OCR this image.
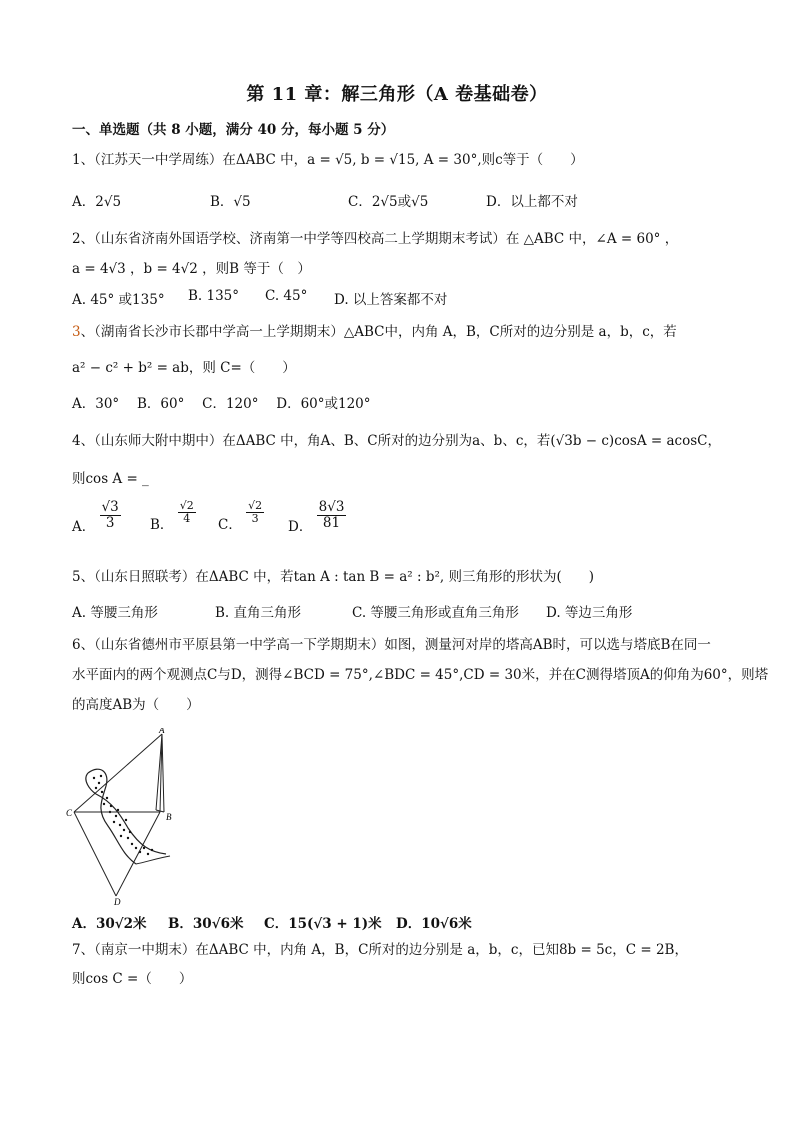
第 11 章：解三角形（A 卷基础卷）
一、单选题（共 8 小题，满分 40 分，每小题 5 分）
1、（江苏天一中学周练）在ΔABC 中，a = √5, b = √15, A = 30°,则c等于（　　）
A．2√5	B．√5	C．2√5或√5	D．以上都不对
2、（山东省济南外国语学校、济南第一中学等四校高二上学期期末考试）在 △ABC 中，∠A = 60° ，
a = 4√3 ，b = 4√2 ，则B 等于（　）
A. 45° 或135° B. 135° C. 45° D. 以上答案都不对
3、（湖南省长沙市长郡中学高一上学期期末）△ABC中，内角 A，B，C所对的边分别是 a，b，c，若
a² − c² + b² = ab，则 C=（　　）
A．30°　 B．60°　 C．120°　 D．60°或120°
4、（山东师大附中期中）在ΔABC 中，角A、B、C所对的边分别为a、b、c，若(√3b − c)cosA = acosC，
则cos A = _
A． $\frac{√3}{3}$ B． $\frac{√2}{4}$ C． $\frac{√2}{3}$
D． $\frac{8√3}{81}$
5、（山东日照联考）在ΔABC 中，若tan A : tan B = a² : b², 则三角形的形状为(　　)
A. 等腰三角形	B. 直角三角形	C. 等腰三角形或直角三角形 D. 等边三角形
6、（山东省德州市平原县第一中学高一下学期期末）如图，测量河对岸的塔高AB时，可以选与塔底B在同一
水平面内的两个观测点C与D，测得∠BCD = 75°,∠BDC = 45°,CD = 30米，并在C测得塔顶A的仰角为60°，则塔
的高度AB为（　　）
A
B
C
D
A．30√2米 B．30√6米 C．15(√3 + 1)米 D．10√6米
7、（南京一中期末）在ΔABC 中，内角 A，B，C所对的边分别是 a，b，c，已知8b = 5c，C = 2B，
则cos C =（　　）
